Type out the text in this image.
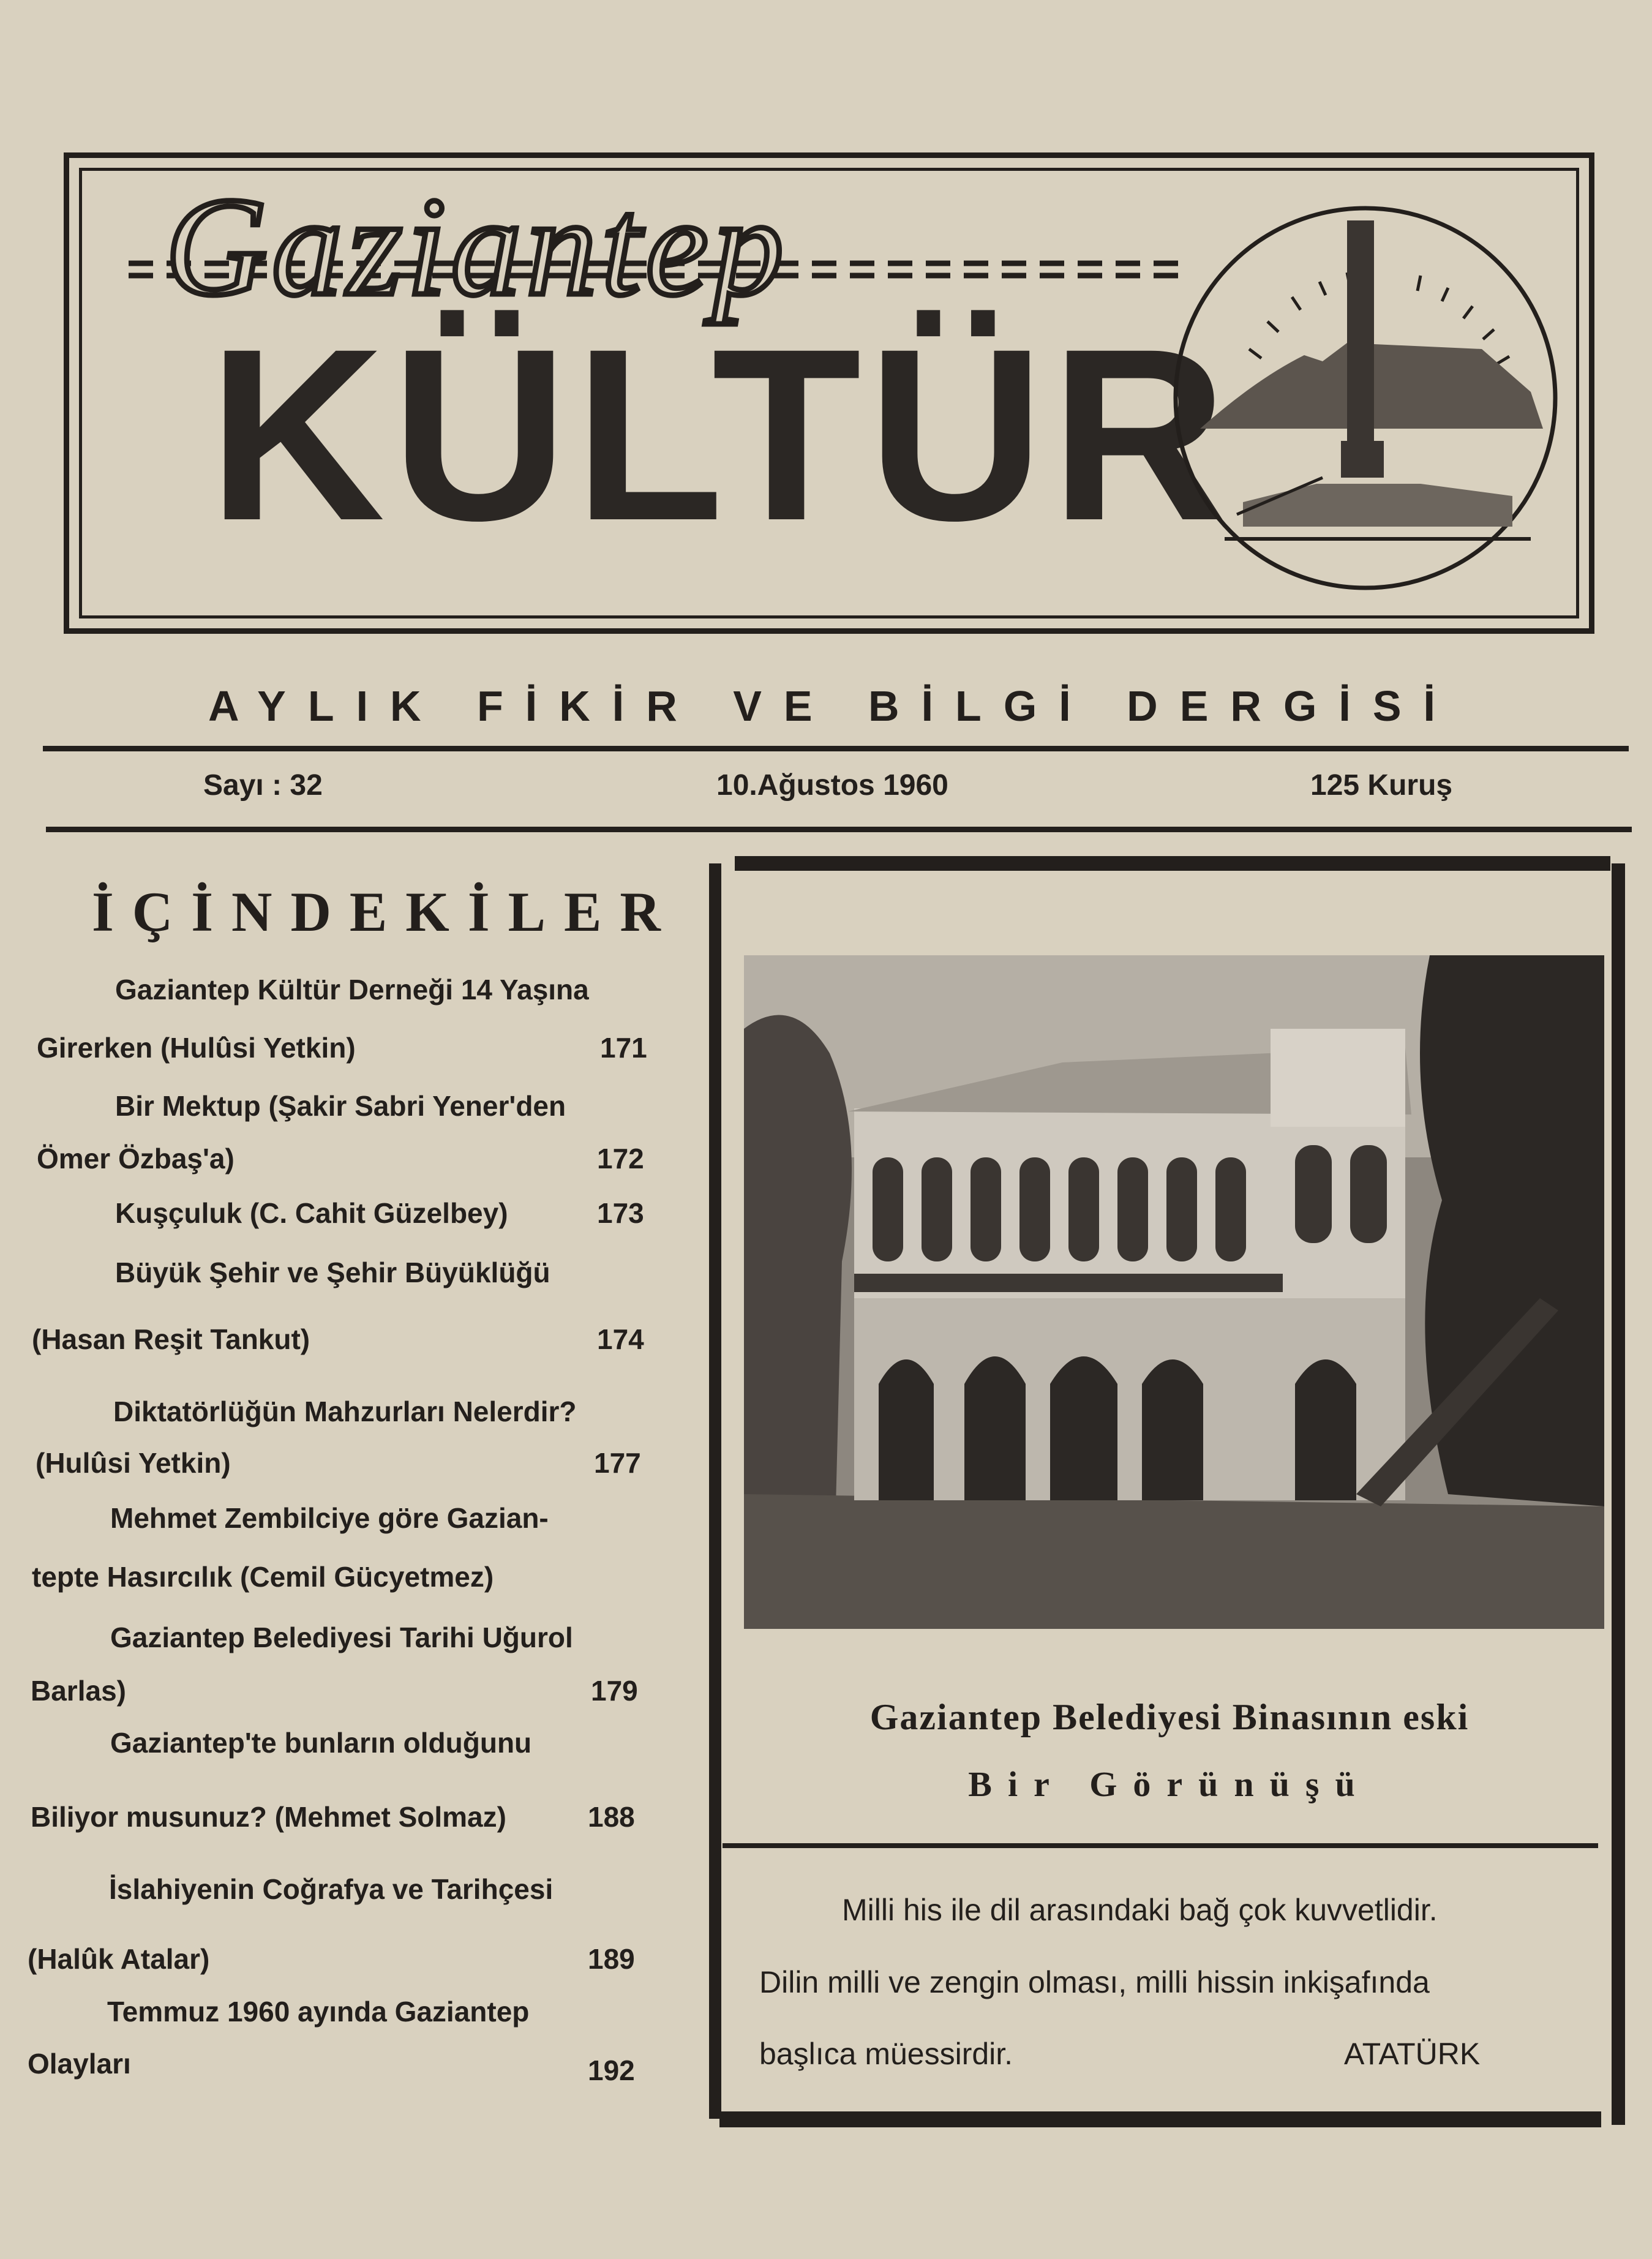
Gaziantep
KÜLTÜR
AYLIK FİKİR VE BİLGİ DERGİSİ
Sayı : 32	10.Ağustos 1960	125 Kuruş
İÇİNDEKİLER
Gaziantep Kültür Derneği 14 Yaşına
Girerken (Hulûsi Yetkin)	171
Bir Mektup (Şakir Sabri Yener'den
Ömer Özbaş'a)	172
Kuşçuluk (C. Cahit Güzelbey)	173
Büyük Şehir ve Şehir Büyüklüğü
(Hasan Reşit Tankut)	174
Diktatörlüğün Mahzurları Nelerdir?
(Hulûsi Yetkin)	177
Mehmet Zembilciye göre Gazian-
tepte Hasırcılık (Cemil Gücyetmez)
Gaziantep Belediyesi Tarihi Uğurol
Barlas)	179
Gaziantep'te bunların olduğunu
Biliyor musunuz? (Mehmet Solmaz)	188
İslahiyenin Coğrafya ve Tarihçesi
(Halûk Atalar)	189
Temmuz 1960 ayında Gaziantep
Olayları	192
Gaziantep Belediyesi Binasının eski
Bir Görünüşü
Milli his ile dil arasındaki bağ çok kuvvetlidir.
Dilin milli ve zengin olması, milli hissin inkişafında
başlıca müessirdir.	ATATÜRK
